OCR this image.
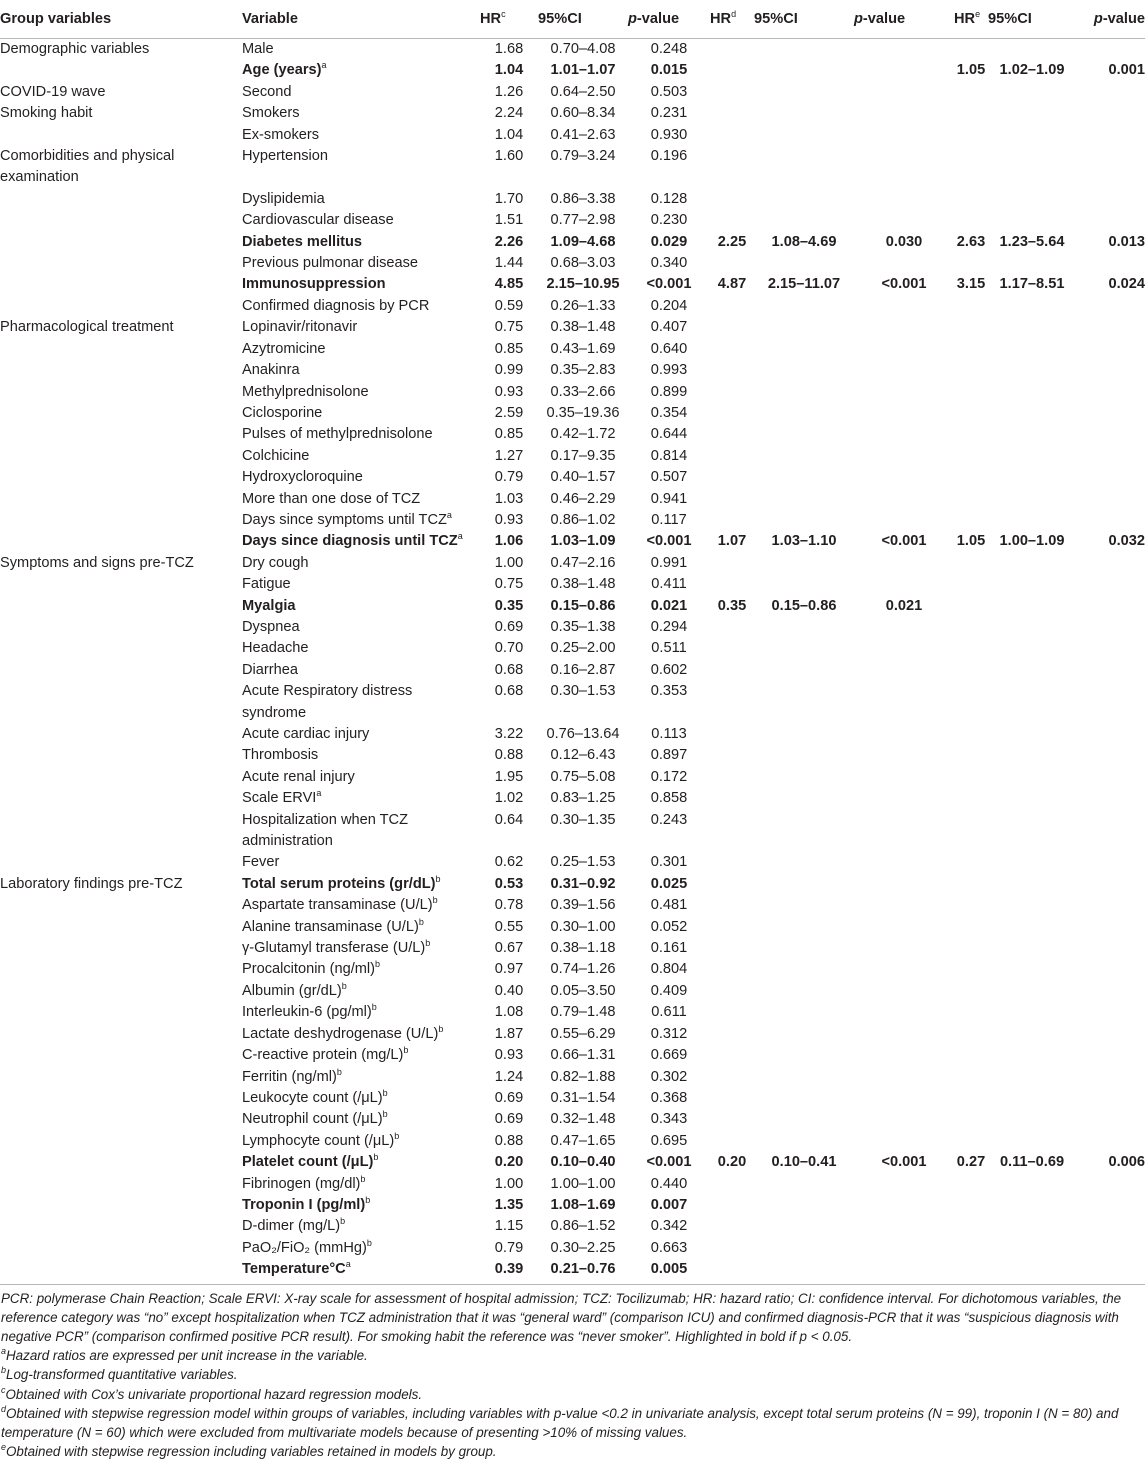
Group variables	Variable	$HR^c$	95%CI	p-value	$HR^d$	95%CI	p-value	$HR^e$	95%CI	p-value
Demographic variables	Male	1.68	0.70–4.08	0.248						
	Age (years)$^a$	1.04	1.01–1.07	0.015				1.05	1.02–1.09	0.001
COVID-19 wave	Second	1.26	0.64–2.50	0.503						
Smoking habit	Smokers	2.24	0.60–8.34	0.231						
	Ex-smokers	1.04	0.41–2.63	0.930						
Comorbidities and physical examination	Hypertension	1.60	0.79–3.24	0.196						
	Dyslipidemia	1.70	0.86–3.38	0.128						
	Cardiovascular disease	1.51	0.77–2.98	0.230						
	Diabetes mellitus	2.26	1.09–4.68	0.029	2.25	1.08–4.69	0.030	2.63	1.23–5.64	0.013
	Previous pulmonar disease	1.44	0.68–3.03	0.340						
	Immunosuppression	4.85	2.15–10.95	<0.001	4.87	2.15–11.07	<0.001	3.15	1.17–8.51	0.024
	Confirmed diagnosis by PCR	0.59	0.26–1.33	0.204						
Pharmacological treatment	Lopinavir/ritonavir	0.75	0.38–1.48	0.407						
	Azytromicine	0.85	0.43–1.69	0.640						
	Anakinra	0.99	0.35–2.83	0.993						
	Methylprednisolone	0.93	0.33–2.66	0.899						
	Ciclosporine	2.59	0.35–19.36	0.354						
	Pulses of methylprednisolone	0.85	0.42–1.72	0.644						
	Colchicine	1.27	0.17–9.35	0.814						
	Hydroxycloroquine	0.79	0.40–1.57	0.507						
	More than one dose of TCZ	1.03	0.46–2.29	0.941						
	Days since symptoms until TCZ$^a$	0.93	0.86–1.02	0.117						
	Days since diagnosis until TCZ$^a$	1.06	1.03–1.09	<0.001	1.07	1.03–1.10	<0.001	1.05	1.00–1.09	0.032
Symptoms and signs pre-TCZ	Dry cough	1.00	0.47–2.16	0.991						
	Fatigue	0.75	0.38–1.48	0.411						
	Myalgia	0.35	0.15–0.86	0.021	0.35	0.15–0.86	0.021			
	Dyspnea	0.69	0.35–1.38	0.294						
	Headache	0.70	0.25–2.00	0.511						
	Diarrhea	0.68	0.16–2.87	0.602						
	Acute Respiratory distress syndrome	0.68	0.30–1.53	0.353						
	Acute cardiac injury	3.22	0.76–13.64	0.113						
	Thrombosis	0.88	0.12–6.43	0.897						
	Acute renal injury	1.95	0.75–5.08	0.172						
	Scale ERVI$^a$	1.02	0.83–1.25	0.858						
	Hospitalization when TCZ administration	0.64	0.30–1.35	0.243						
	Fever	0.62	0.25–1.53	0.301						
Laboratory findings pre-TCZ	Total serum proteins $(gr/dL)^b$	0.53	0.31–0.92	0.025						
	Aspartate transaminase $(U/L)^b$	0.78	0.39–1.56	0.481						
	Alanine transaminase $(U/L)^b$	0.55	0.30–1.00	0.052						
	γ-Glutamyl transferase $(U/L)^b$	0.67	0.38–1.18	0.161						
	Procalcitonin $(ng/ml)^b$	0.97	0.74–1.26	0.804						
	Albumin $(gr/dL)^b$	0.40	0.05–3.50	0.409						
	Interleukin-6 $(pg/ml)^b$	1.08	0.79–1.48	0.611						
	Lactate deshydrogenase $(U/L)^b$	1.87	0.55–6.29	0.312						
	C-reactive protein $(mg/L)^b$	0.93	0.66–1.31	0.669						
	Ferritin $(ng/ml)^b$	1.24	0.82–1.88	0.302						
	Leukocyte count $(/\mu L)^b$	0.69	0.31–1.54	0.368						
	Neutrophil count $(/\mu L)^b$	0.69	0.32–1.48	0.343						
	Lymphocyte count $(/\mu L)^b$	0.88	0.47–1.65	0.695						
	Platelet count $(/\mu L)^b$	0.20	0.10–0.40	<0.001	0.20	0.10–0.41	<0.001	0.27	0.11–0.69	0.006
	Fibrinogen $(mg/dl)^b$	1.00	1.00–1.00	0.440						
	Troponin I $(pg/ml)^b$	1.35	1.08–1.69	0.007						
	D-dimer $(mg/L)^b$	1.15	0.86–1.52	0.342						
	PaO₂/FiO₂ (mmHg)$^b$	0.79	0.30–2.25	0.663						
	$Temperature^\circ C^a$	0.39	0.21–0.76	0.005						

PCR: polymerase Chain Reaction; Scale ERVI: X-ray scale for assessment of hospital admission; TCZ: Tocilizumab; HR: hazard ratio; CI: confidence interval. For dichotomous variables, the reference category was “no” except hospitalization when TCZ administration that it was “general ward” (comparison ICU) and confirmed diagnosis-PCR that it was “suspicious diagnosis with negative PCR” (comparison confirmed positive PCR result). For smoking habit the reference was “never smoker”. Highlighted in bold if p < 0.05.

$^a$Hazard ratios are expressed per unit increase in the variable.

$^b$Log-transformed quantitative variables.

$^c$Obtained with Cox’s univariate proportional hazard regression models.

$^d$Obtained with stepwise regression model within groups of variables, including variables with p-value <0.2 in univariate analysis, except total serum proteins (N = 99), troponin I (N = 80) and temperature (N = 60) which were excluded from multivariate models because of presenting >10% of missing values.

$^e$Obtained with stepwise regression including variables retained in models by group.
